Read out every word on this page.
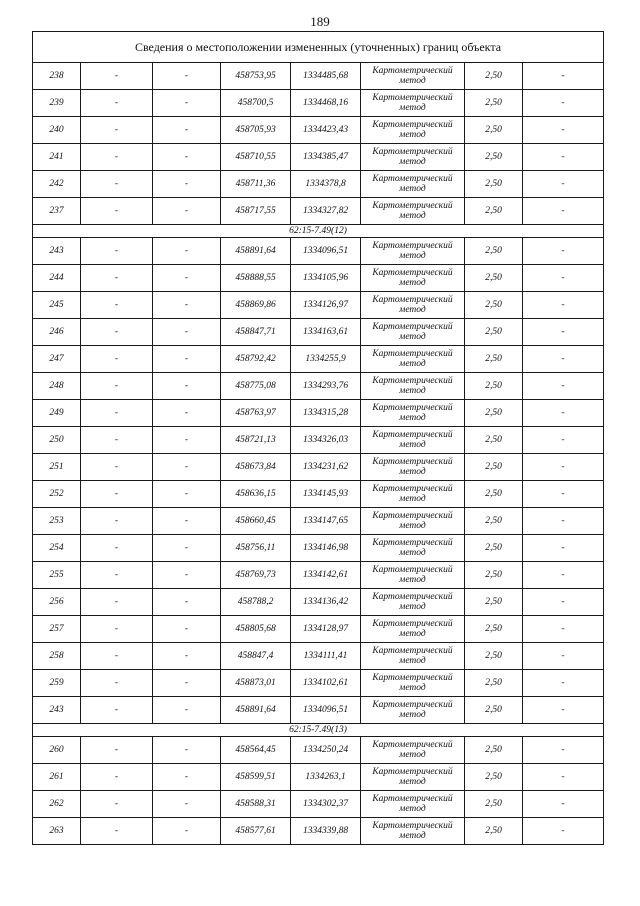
189
Сведения о местоположении измененных (уточненных) границ объекта							
238	-	-	458753,95	1334485,68	Картометрический метод	2,50	-
239	-	-	458700,5	1334468,16	Картометрический метод	2,50	-
240	-	-	458705,93	1334423,43	Картометрический метод	2,50	-
241	-	-	458710,55	1334385,47	Картометрический метод	2,50	-
242	-	-	458711,36	1334378,8	Картометрический метод	2,50	-
237	-	-	458717,55	1334327,82	Картометрический метод	2,50	-
62:15-7.49(12)							
243	-	-	458891,64	1334096,51	Картометрический метод	2,50	-
244	-	-	458888,55	1334105,96	Картометрический метод	2,50	-
245	-	-	458869,86	1334126,97	Картометрический метод	2,50	-
246	-	-	458847,71	1334163,61	Картометрический метод	2,50	-
247	-	-	458792,42	1334255,9	Картометрический метод	2,50	-
248	-	-	458775,08	1334293,76	Картометрический метод	2,50	-
249	-	-	458763,97	1334315,28	Картометрический метод	2,50	-
250	-	-	458721,13	1334326,03	Картометрический метод	2,50	-
251	-	-	458673,84	1334231,62	Картометрический метод	2,50	-
252	-	-	458636,15	1334145,93	Картометрический метод	2,50	-
253	-	-	458660,45	1334147,65	Картометрический метод	2,50	-
254	-	-	458756,11	1334146,98	Картометрический метод	2,50	-
255	-	-	458769,73	1334142,61	Картометрический метод	2,50	-
256	-	-	458788,2	1334136,42	Картометрический метод	2,50	-
257	-	-	458805,68	1334128,97	Картометрический метод	2,50	-
258	-	-	458847,4	1334111,41	Картометрический метод	2,50	-
259	-	-	458873,01	1334102,61	Картометрический метод	2,50	-
243	-	-	458891,64	1334096,51	Картометрический метод	2,50	-
62:15-7.49(13)							
260	-	-	458564,45	1334250,24	Картометрический метод	2,50	-
261	-	-	458599,51	1334263,1	Картометрический метод	2,50	-
262	-	-	458588,31	1334302,37	Картометрический метод	2,50	-
263	-	-	458577,61	1334339,88	Картометрический метод	2,50	-
